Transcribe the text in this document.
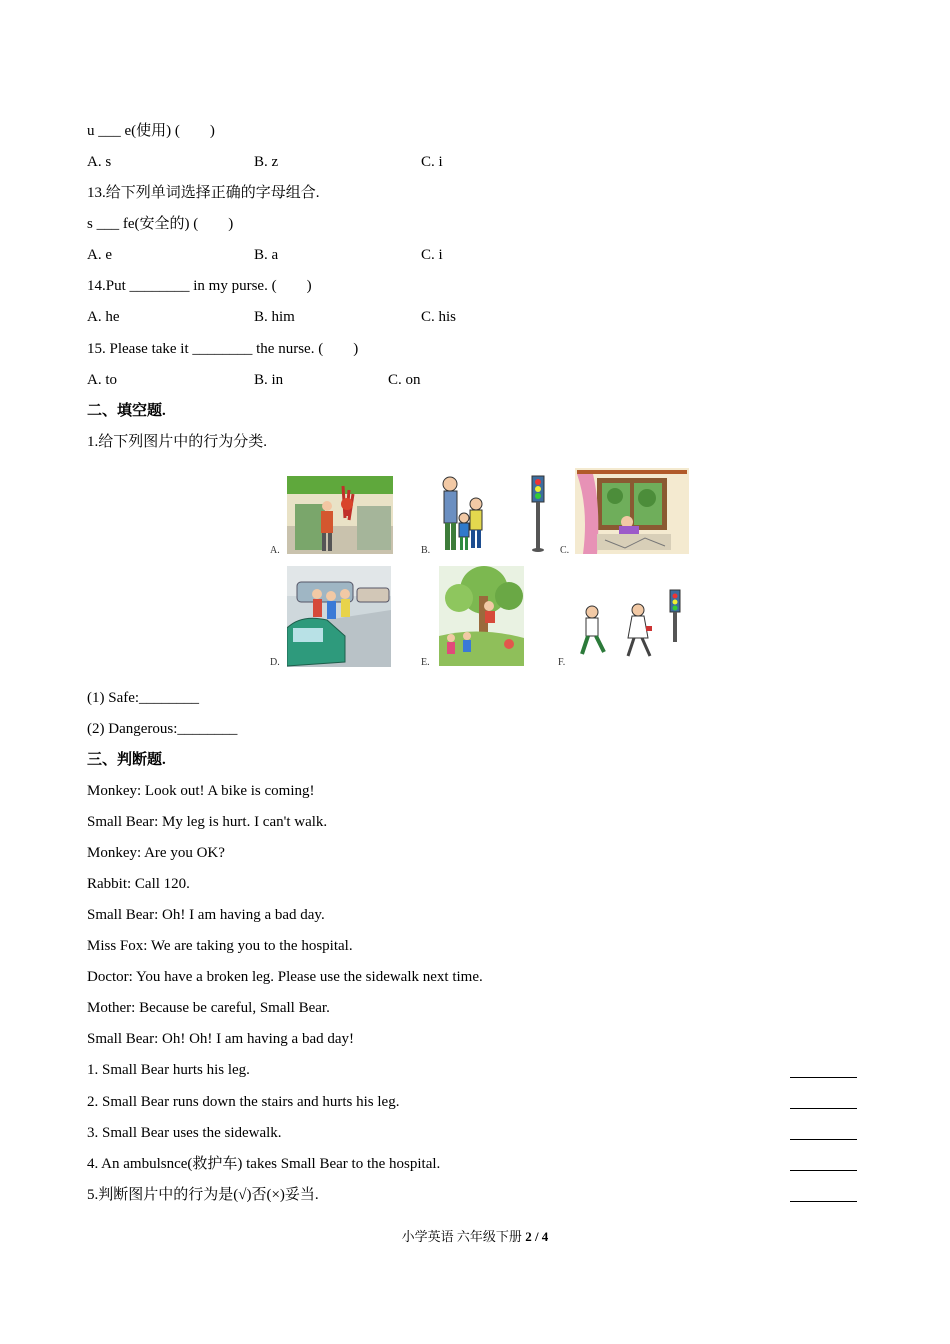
u ___ e(使用) (　　)
A. s	B. z	C. i
13.给下列单词选择正确的字母组合.
s ___ fe(安全的) (　　)
A. e	B. a	C. i
14.Put ________ in my purse. (　　)
A. he	B. him	C. his
15. Please take it ________ the nurse. (　　)
A. to	B. in	C. on
二、填空题.
1.给下列图片中的行为分类.
A.	B.	C.
D.	E.	F.
(1) Safe:________
(2) Dangerous:________
三、判断题.
Monkey: Look out! A bike is coming!
Small Bear: My leg is hurt. I can't walk.
Monkey: Are you OK?
Rabbit: Call 120.
Small Bear: Oh! I am having a bad day.
Miss Fox: We are taking you to the hospital.
Doctor: You have a broken leg. Please use the sidewalk next time.
Mother: Because be careful, Small Bear.
Small Bear: Oh! Oh! I am having a bad day!
1. Small Bear hurts his leg.
2. Small Bear runs down the stairs and hurts his leg.
3. Small Bear uses the sidewalk.
4. An ambulsnce(救护车) takes Small Bear to the hospital.
5.判断图片中的行为是(√)否(×)妥当.
小学英语 六年级下册 2 / 4
